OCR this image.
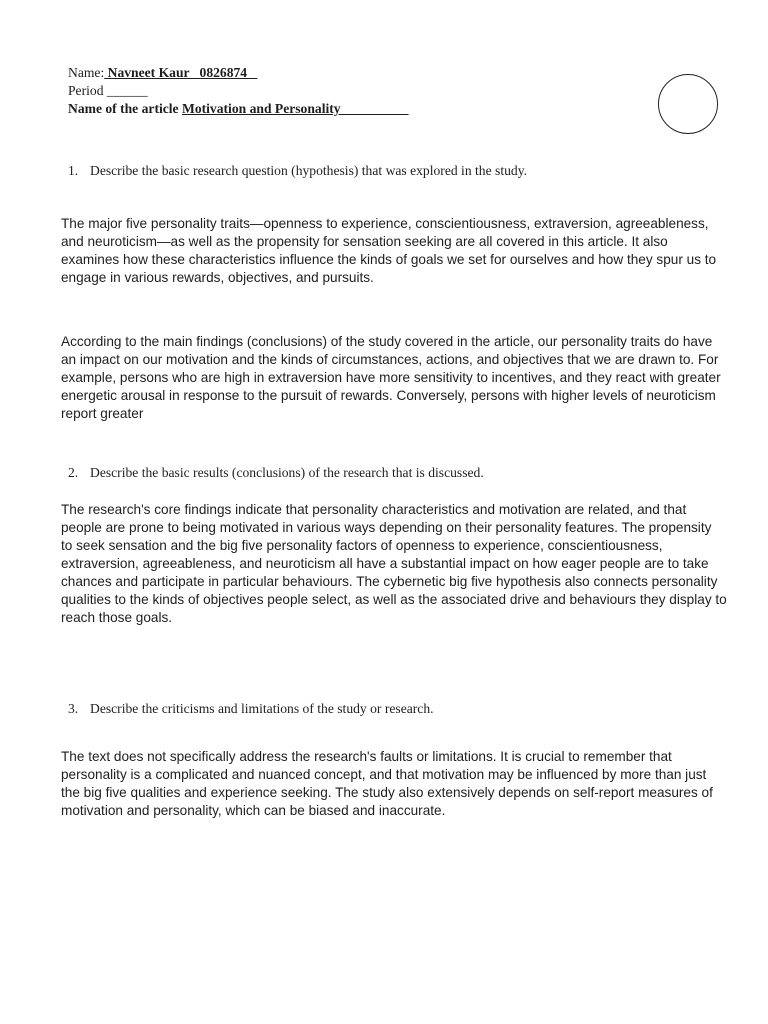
Name: Navneet Kaur   0826874
Period ______
Name of the article Motivation and Personality
1. Describe the basic research question (hypothesis) that was explored in the study.
The major five personality traits—openness to experience, conscientiousness, extraversion, agreeableness,
and neuroticism—as well as the propensity for sensation seeking are all covered in this article. It also
examines how these characteristics influence the kinds of goals we set for ourselves and how they spur us to
engage in various rewards, objectives, and pursuits.
According to the main findings (conclusions) of the study covered in the article, our personality traits do have
an impact on our motivation and the kinds of circumstances, actions, and objectives that we are drawn to. For
example, persons who are high in extraversion have more sensitivity to incentives, and they react with greater
energetic arousal in response to the pursuit of rewards. Conversely, persons with higher levels of neuroticism
report greater
2. Describe the basic results (conclusions) of the research that is discussed.
The research's core findings indicate that personality characteristics and motivation are related, and that
people are prone to being motivated in various ways depending on their personality features. The propensity
to seek sensation and the big five personality factors of openness to experience, conscientiousness,
extraversion, agreeableness, and neuroticism all have a substantial impact on how eager people are to take
chances and participate in particular behaviours. The cybernetic big five hypothesis also connects personality
qualities to the kinds of objectives people select, as well as the associated drive and behaviours they display to
reach those goals.
3. Describe the criticisms and limitations of the study or research.
The text does not specifically address the research's faults or limitations. It is crucial to remember that
personality is a complicated and nuanced concept, and that motivation may be influenced by more than just
the big five qualities and experience seeking. The study also extensively depends on self-report measures of
motivation and personality, which can be biased and inaccurate.
